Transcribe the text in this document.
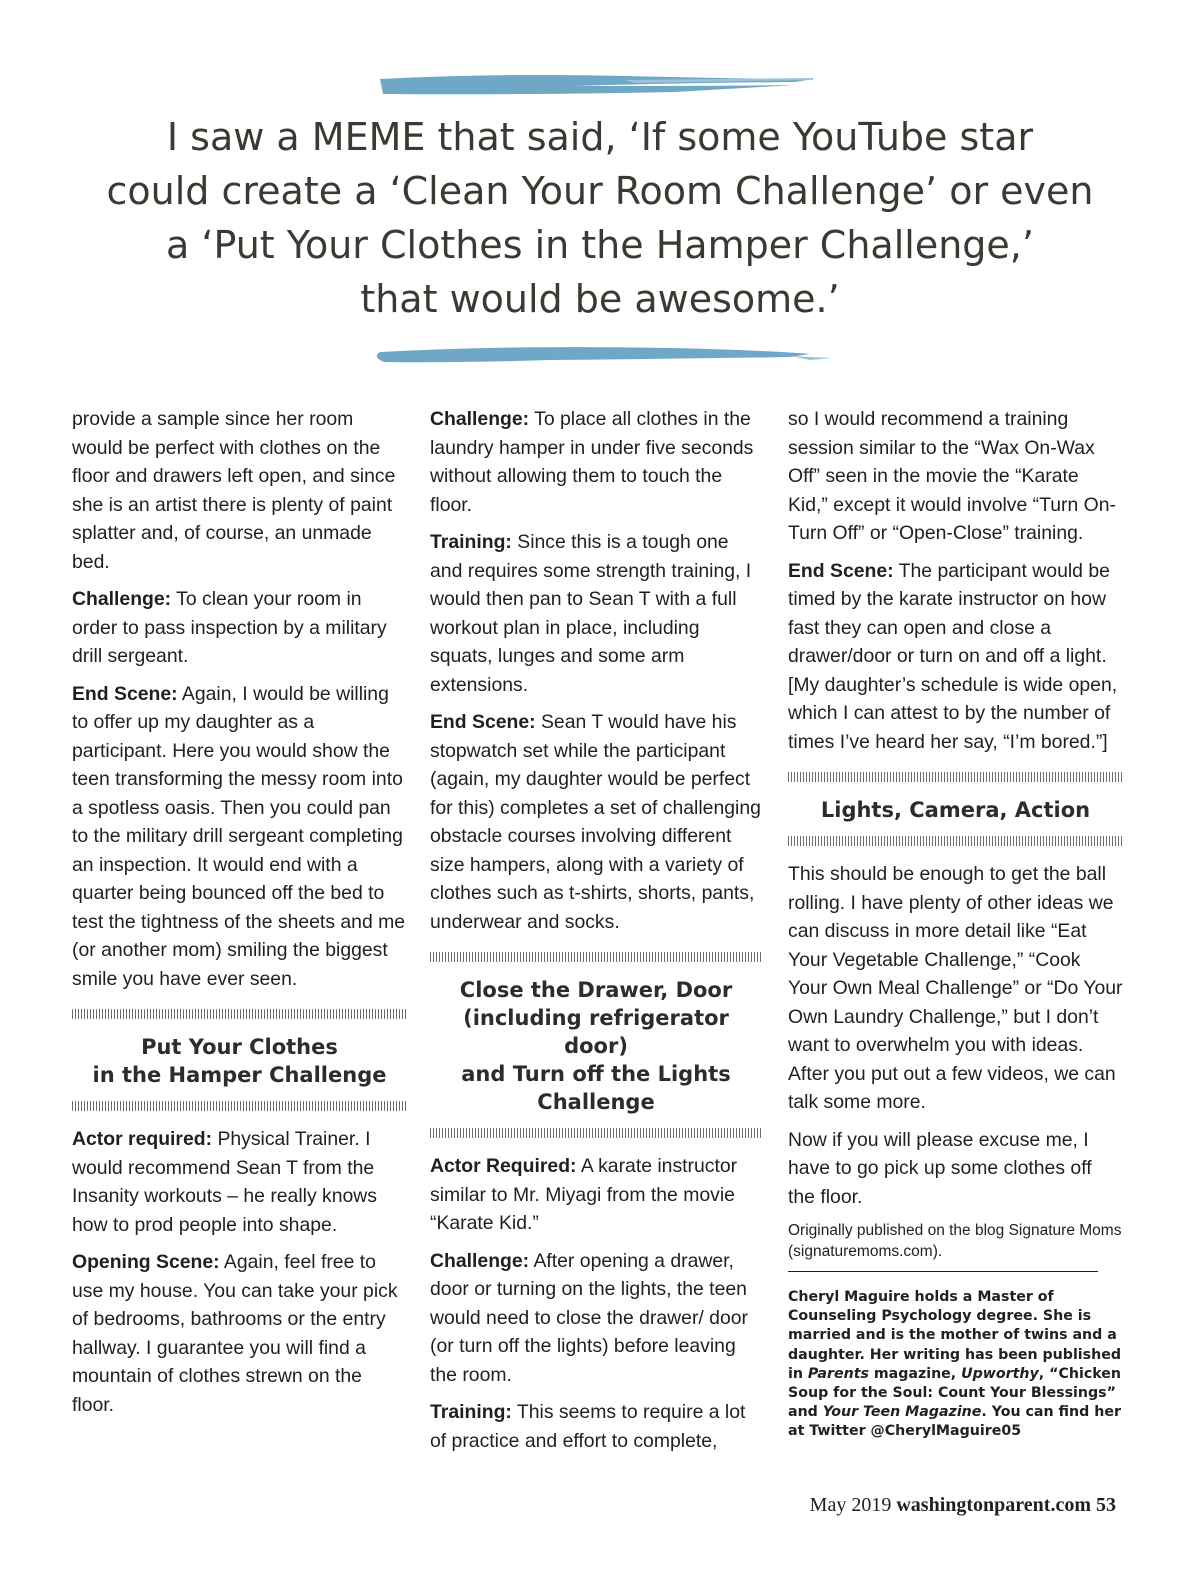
I saw a MEME that said, ‘If some YouTube star
could create a ‘Clean Your Room Challenge’ or even
a ‘Put Your Clothes in the Hamper Challenge,’
that would be awesome.’

provide a sample since her room would be perfect with clothes on the floor and drawers left open, and since she is an artist there is plenty of paint splatter and, of course, an unmade bed.

Challenge: To clean your room in order to pass inspection by a military drill sergeant.

End Scene: Again, I would be willing to offer up my daughter as a participant. Here you would show the teen transforming the messy room into a spotless oasis. Then you could pan to the military drill sergeant completing an inspection. It would end with a quarter being bounced off the bed to test the tightness of the sheets and me (or another mom) smiling the biggest smile you have ever seen.

Put Your Clothes
in the Hamper Challenge

Actor required: Physical Trainer. I would recommend Sean T from the Insanity workouts – he really knows how to prod people into shape.

Opening Scene: Again, feel free to use my house. You can take your pick of bedrooms, bathrooms or the entry hallway. I guarantee you will find a mountain of clothes strewn on the floor.

Challenge: To place all clothes in the laundry hamper in under five seconds without allowing them to touch the floor.

Training: Since this is a tough one and requires some strength training, I would then pan to Sean T with a full workout plan in place, including squats, lunges and some arm extensions.

End Scene: Sean T would have his stopwatch set while the participant (again, my daughter would be perfect for this) completes a set of challenging obstacle courses involving different size hampers, along with a variety of clothes such as t-shirts, shorts, pants, underwear and socks.

Close the Drawer, Door
(including refrigerator door)
and Turn off the Lights
Challenge

Actor Required: A karate instructor similar to Mr. Miyagi from the movie “Karate Kid.”

Challenge: After opening a drawer, door or turning on the lights, the teen would need to close the drawer/ door (or turn off the lights) before leaving the room.

Training: This seems to require a lot of practice and effort to complete,

so I would recommend a training session similar to the “Wax On-Wax Off” seen in the movie the “Karate Kid,” except it would involve “Turn On-Turn Off” or “Open-Close” training.

End Scene: The participant would be timed by the karate instructor on how fast they can open and close a drawer/door or turn on and off a light. [My daughter’s schedule is wide open, which I can attest to by the number of times I’ve heard her say, “I’m bored.”]

Lights, Camera, Action

This should be enough to get the ball rolling. I have plenty of other ideas we can discuss in more detail like “Eat Your Vegetable Challenge,” “Cook Your Own Meal Challenge” or “Do Your Own Laundry Challenge,” but I don’t want to overwhelm you with ideas. After you put out a few videos, we can talk some more.

Now if you will please excuse me, I have to go pick up some clothes off the floor.

Originally published on the blog Signature Moms (signaturemoms.com).

Cheryl Maguire holds a Master of Counseling Psychology degree. She is married and is the mother of twins and a daughter. Her writing has been published in Parents magazine, Upworthy, “Chicken Soup for the Soul: Count Your Blessings” and Your Teen Magazine. You can find her at Twitter @CherylMaguire05

May 2019 washingtonparent.com 53
